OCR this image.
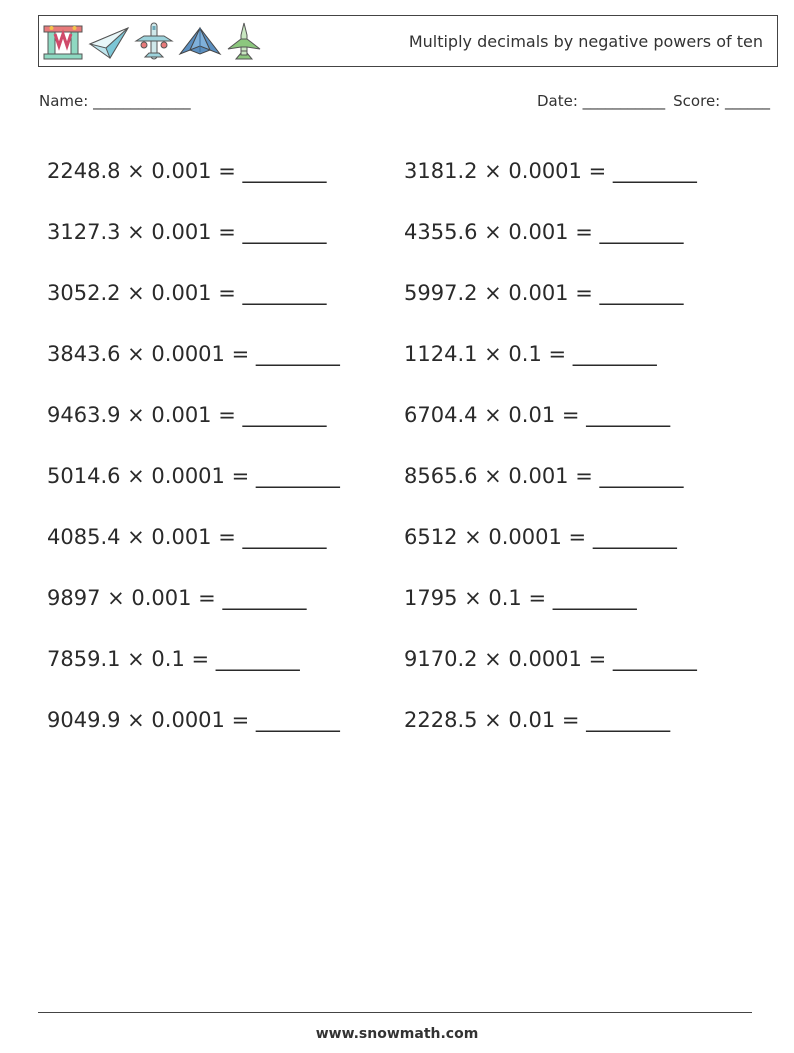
Multiply decimals by negative powers of ten
Name: _____________	Date: ___________ Score: ______
2248.8 × 0.001 = ________	3181.2 × 0.0001 = ________
3127.3 × 0.001 = ________	4355.6 × 0.001 = ________
3052.2 × 0.001 = ________	5997.2 × 0.001 = ________
3843.6 × 0.0001 = ________	1124.1 × 0.1 = ________
9463.9 × 0.001 = ________	6704.4 × 0.01 = ________
5014.6 × 0.0001 = ________	8565.6 × 0.001 = ________
4085.4 × 0.001 = ________	6512 × 0.0001 = ________
9897 × 0.001 = ________	1795 × 0.1 = ________
7859.1 × 0.1 = ________	9170.2 × 0.0001 = ________
9049.9 × 0.0001 = ________	2228.5 × 0.01 = ________
www.snowmath.com
